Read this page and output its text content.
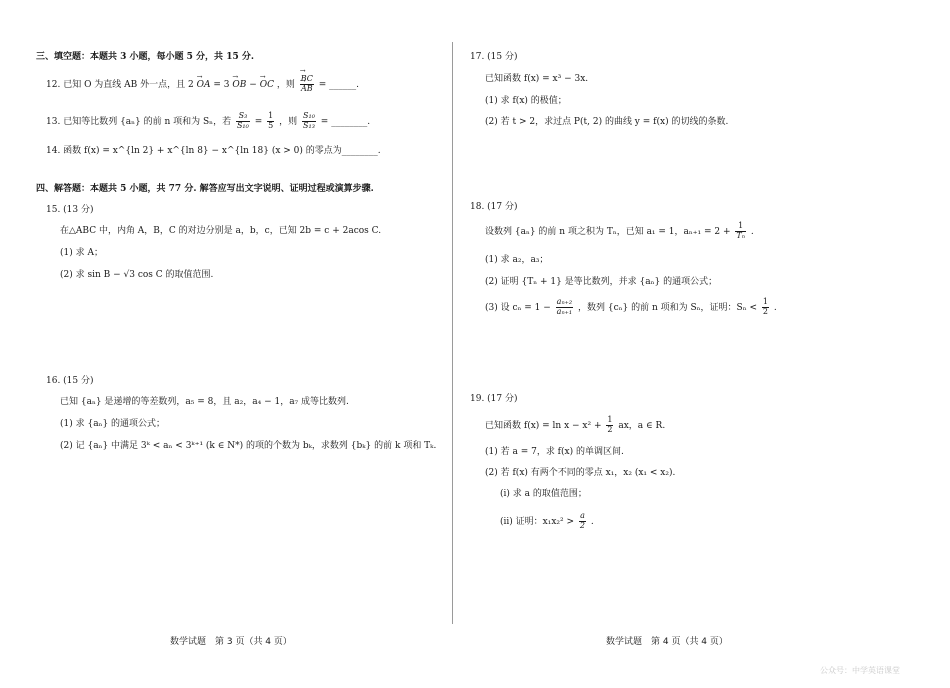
三、填空题：本题共 3 小题，每小题 5 分，共 15 分.
12. 已知 O 为直线 AB 外一点，且 2 → OA = 3 → OB − → OC ，则 → BC
→ AB = ______.
13. 已知等比数列 {aₙ} 的前 n 项和为 Sₙ，若 $\frac{\text{S₃}}{\text{S₁₀}} = \frac{1}{5}$ ，则 $\frac{\text{S₁₀}}{\text{S₁₃}}$ = ________.
14. 函数 f(x) = x^{ln 2} + x^{ln 8} − x^{ln 18} (x > 0) 的零点为________.
四、解答题：本题共 5 小题，共 77 分. 解答应写出文字说明、证明过程或演算步骤.
15. (13 分)
在△ABC 中，内角 A，B，C 的对边分别是 a，b，c，已知 2b = c + 2acos C.
(1) 求 A；
(2) 求 sin B − √3 cos C 的取值范围.
16. (15 分)
已知 {aₙ} 是递增的等差数列，a₅ = 8，且 a₂，a₄ − 1，a₇ 成等比数列.
(1) 求 {aₙ} 的通项公式；
(2) 记 {aₙ} 中满足 3ᵏ < aₙ < 3ᵏ⁺¹ (k ∈ N*) 的项的个数为 bₖ，求数列 {bₖ} 的前 k 项和 Tₖ.
数学试题　第 3 页（共 4 页）
17. (15 分)
已知函数 f(x) = x³ − 3x.
(1) 求 f(x) 的极值；
(2) 若 t > 2，求过点 P(t, 2) 的曲线 y = f(x) 的切线的条数.
18. (17 分)
设数列 {aₙ} 的前 n 项之积为 Tₙ，已知 a₁ = 1，$a_{n+1} = 2 + \frac{1}{\text{Tₙ}}$ .
(1) 求 a₂，a₃；
(2) 证明 {Tₙ + 1} 是等比数列，并求 {aₙ} 的通项公式；
(3) 设 $c_n = 1 - \frac{\text{aₙ₊₂}}{\text{aₙ₊₁}}$ ，数列 {cₙ} 的前 n 项和为 Sₙ，证明：$S_n < \frac{1}{2}$ .
19. (17 分)
已知函数 $f(x) = \ln x - x^2 + \frac{1}{2}$ ax，a ∈ R.
(1) 若 a = 7，求 f(x) 的单调区间.
(2) 若 f(x) 有两个不同的零点 x₁，x₂ (x₁ < x₂).
(ⅰ) 求 a 的取值范围；
(ⅱ) 证明：$x_1x_2^2 > \frac{a}{2}$ .
数学试题　第 4 页（共 4 页）
公众号：中学英语课堂
